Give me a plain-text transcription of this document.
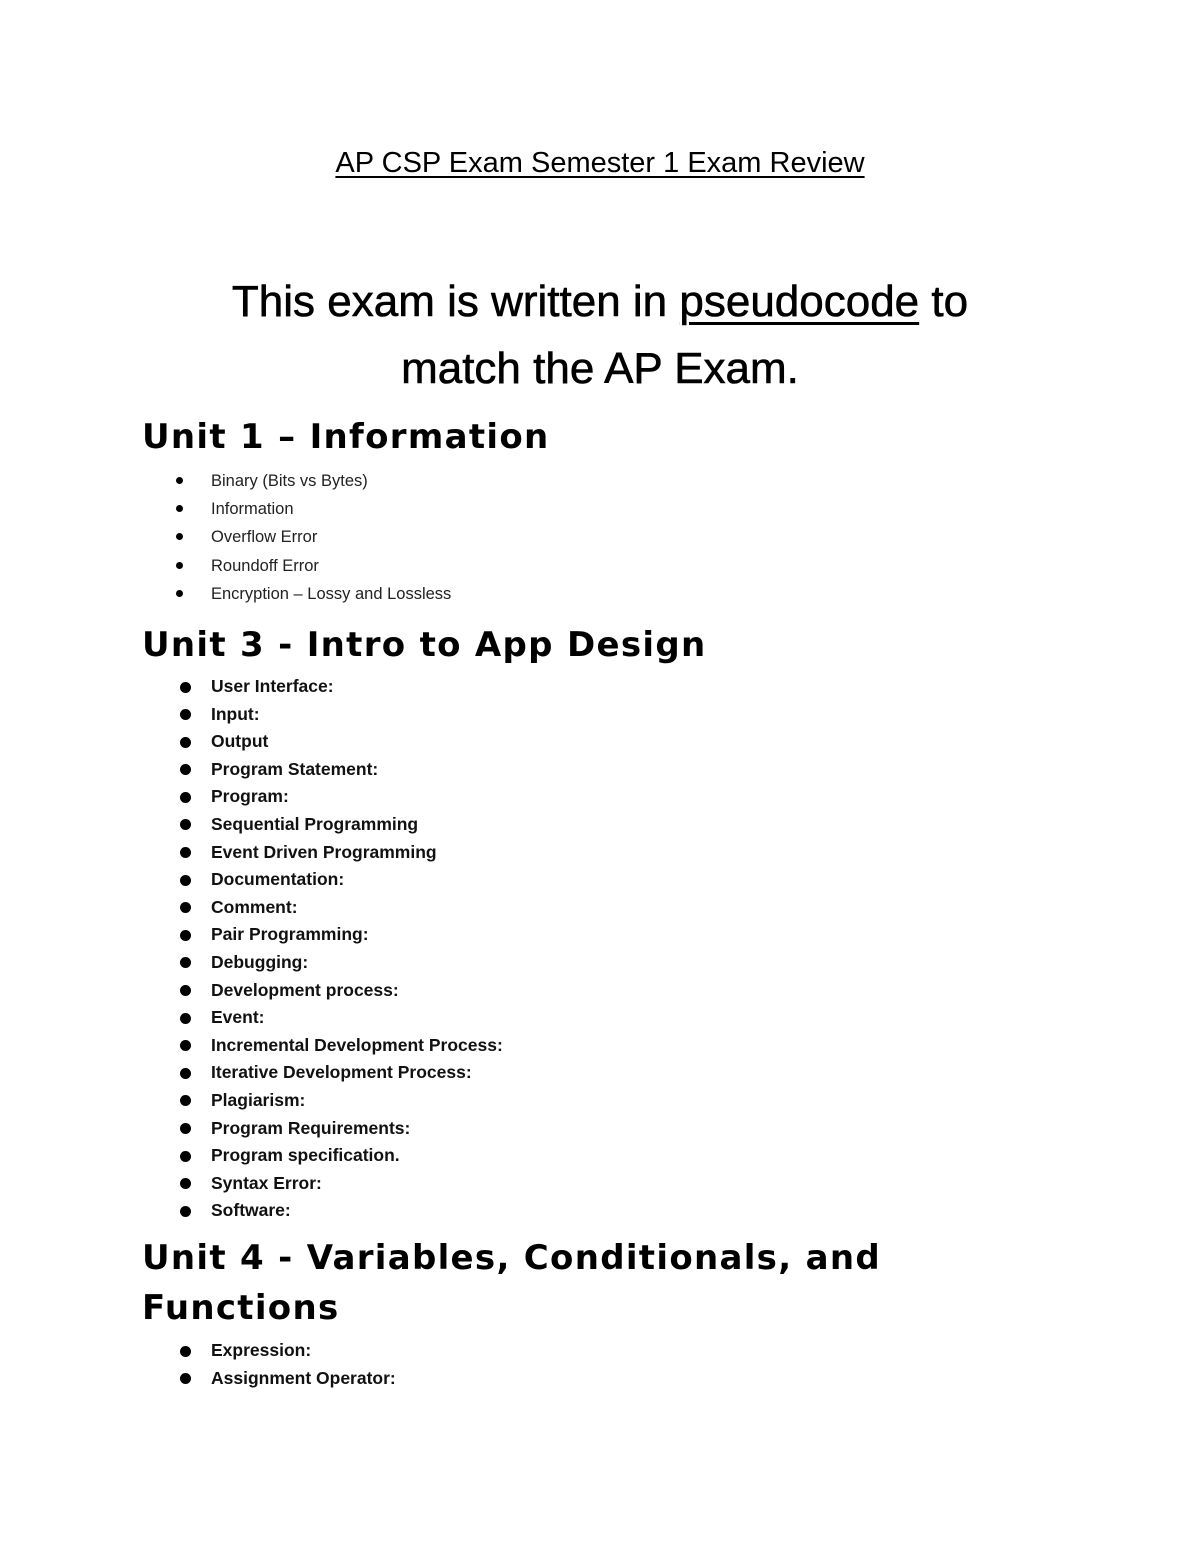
AP CSP Exam Semester 1 Exam Review
This exam is written in pseudocode to
match the AP Exam.
Unit 1 – Information
Binary (Bits vs Bytes)
Information
Overflow Error
Roundoff Error
Encryption – Lossy and Lossless
Unit 3 - Intro to App Design
User Interface:
Input:
Output
Program Statement:
Program:
Sequential Programming
Event Driven Programming
Documentation:
Comment:
Pair Programming:
Debugging:
Development process:
Event:
Incremental Development Process:
Iterative Development Process:
Plagiarism:
Program Requirements:
Program specification.
Syntax Error:
Software:
Unit 4 - Variables, Conditionals, and
Functions
Expression:
Assignment Operator:
